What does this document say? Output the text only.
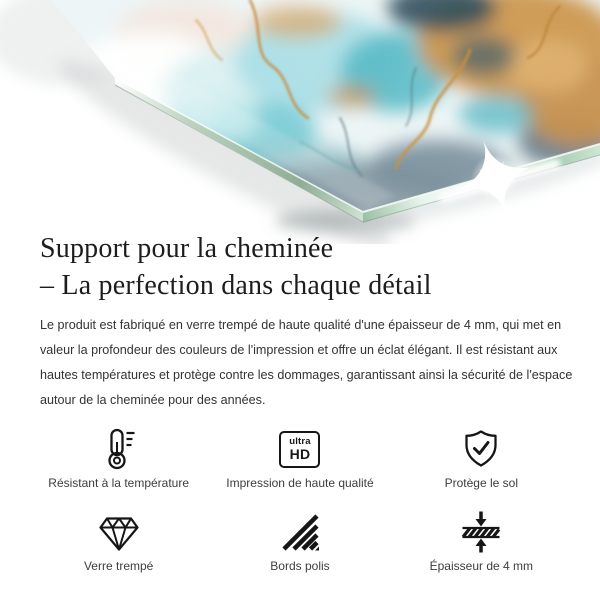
Support pour la cheminée
– La perfection dans chaque détail

Le produit est fabriqué en verre trempé de haute qualité d'une épaisseur de 4 mm, qui met en
valeur la profondeur des couleurs de l'impression et offre un éclat élégant. Il est résistant aux
hautes températures et protège contre les dommages, garantissant ainsi la sécurité de l'espace
autour de la cheminée pour des années.

Résistant à la température
ultra
HD
Impression de haute qualité	Protège le sol
Verre trempé	Bords polis	Épaisseur de 4 mm
